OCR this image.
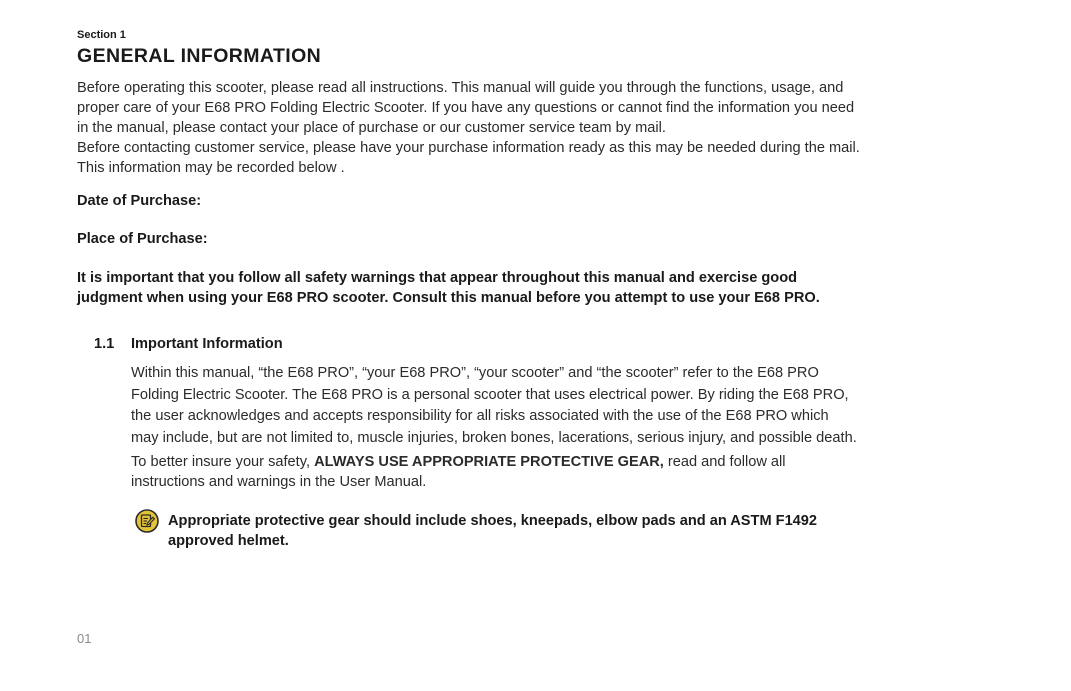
Section 1
GENERAL INFORMATION
Before operating this scooter, please read all instructions. This manual will guide you through the functions, usage, and
proper care of your E68 PRO Folding Electric Scooter. If you have any questions or cannot find the information you need
in the manual, please contact your place of purchase or our customer service team by mail.
Before contacting customer service, please have your purchase information ready as this may be needed during the mail.
This information may be recorded below .
Date of Purchase:
Place of Purchase:
It is important that you follow all safety warnings that appear throughout this manual and exercise good
judgment when using your E68 PRO scooter. Consult this manual before you attempt to use your E68 PRO.
1.1 Important Information
Within this manual, “the E68 PRO”, “your E68 PRO”, “your scooter” and “the scooter” refer to the E68 PRO
Folding Electric Scooter. The E68 PRO is a personal scooter that uses electrical power. By riding the E68 PRO,
the user acknowledges and accepts responsibility for all risks associated with the use of the E68 PRO which
may include, but are not limited to, muscle injuries, broken bones, lacerations, serious injury, and possible death.
To better insure your safety, ALWAYS USE APPROPRIATE PROTECTIVE GEAR, read and follow all
instructions and warnings in the User Manual.
Appropriate protective gear should include shoes, kneepads, elbow pads and an ASTM F1492
approved helmet.
01
